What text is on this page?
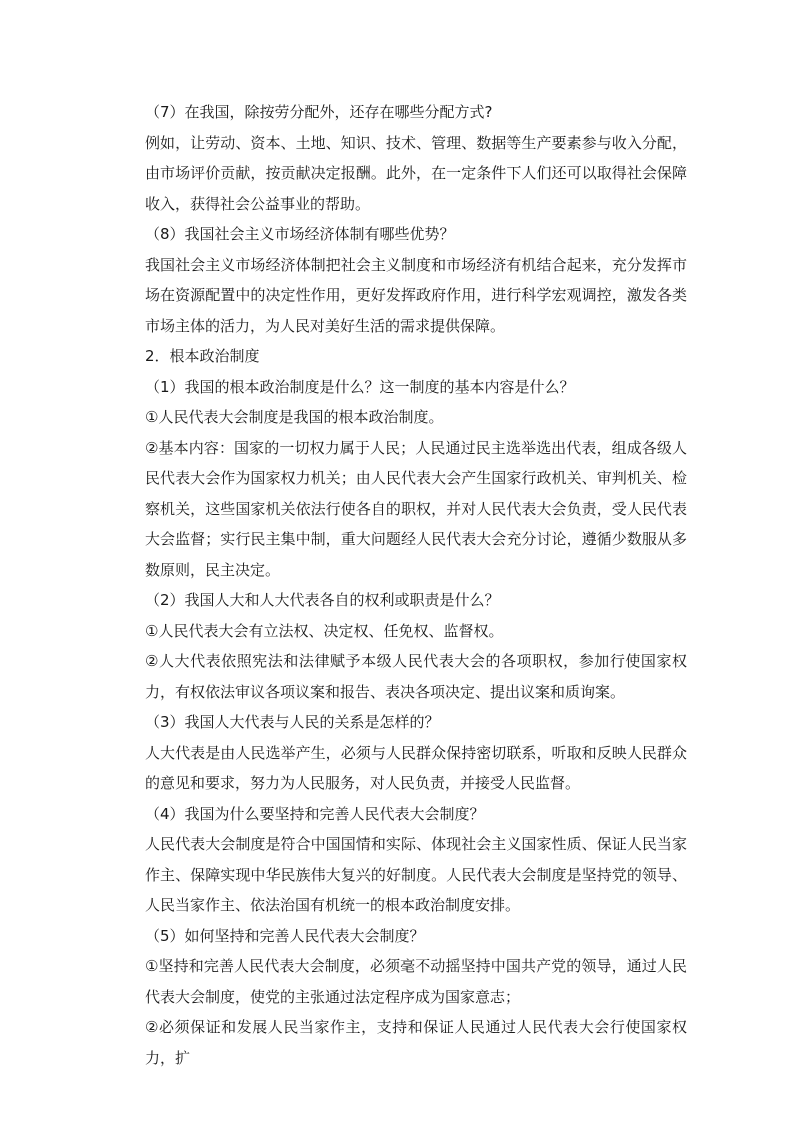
（7）在我国，除按劳分配外，还存在哪些分配方式?

例如，让劳动、资本、土地、知识、技术、管理、数据等生产要素参与收入分配，由市场评价贡献，按贡献决定报酬。此外，在一定条件下人们还可以取得社会保障收入，获得社会公益事业的帮助。

（8）我国社会主义市场经济体制有哪些优势？

我国社会主义市场经济体制把社会主义制度和市场经济有机结合起来，充分发挥市场在资源配置中的决定性作用，更好发挥政府作用，进行科学宏观调控，激发各类市场主体的活力，为人民对美好生活的需求提供保障。

2．根本政治制度

（1）我国的根本政治制度是什么？这一制度的基本内容是什么？

①人民代表大会制度是我国的根本政治制度。

②基本内容：国家的一切权力属于人民；人民通过民主选举选出代表，组成各级人民代表大会作为国家权力机关；由人民代表大会产生国家行政机关、审判机关、检察机关，这些国家机关依法行使各自的职权，并对人民代表大会负责，受人民代表大会监督；实行民主集中制，重大问题经人民代表大会充分讨论，遵循少数服从多数原则，民主决定。

（2）我国人大和人大代表各自的权利或职责是什么？

①人民代表大会有立法权、决定权、任免权、监督权。

②人大代表依照宪法和法律赋予本级人民代表大会的各项职权，参加行使国家权力，有权依法审议各项议案和报告、表决各项决定、提出议案和质询案。

（3）我国人大代表与人民的关系是怎样的？

人大代表是由人民选举产生，必须与人民群众保持密切联系，听取和反映人民群众的意见和要求，努力为人民服务，对人民负责，并接受人民监督。

（4）我国为什么要坚持和完善人民代表大会制度？

人民代表大会制度是符合中国国情和实际、体现社会主义国家性质、保证人民当家作主、保障实现中华民族伟大复兴的好制度。人民代表大会制度是坚持党的领导、人民当家作主、依法治国有机统一的根本政治制度安排。

（5）如何坚持和完善人民代表大会制度？

①坚持和完善人民代表大会制度，必须毫不动摇坚持中国共产党的领导，通过人民代表大会制度，使党的主张通过法定程序成为国家意志；

②必须保证和发展人民当家作主，支持和保证人民通过人民代表大会行使国家权力，扩
